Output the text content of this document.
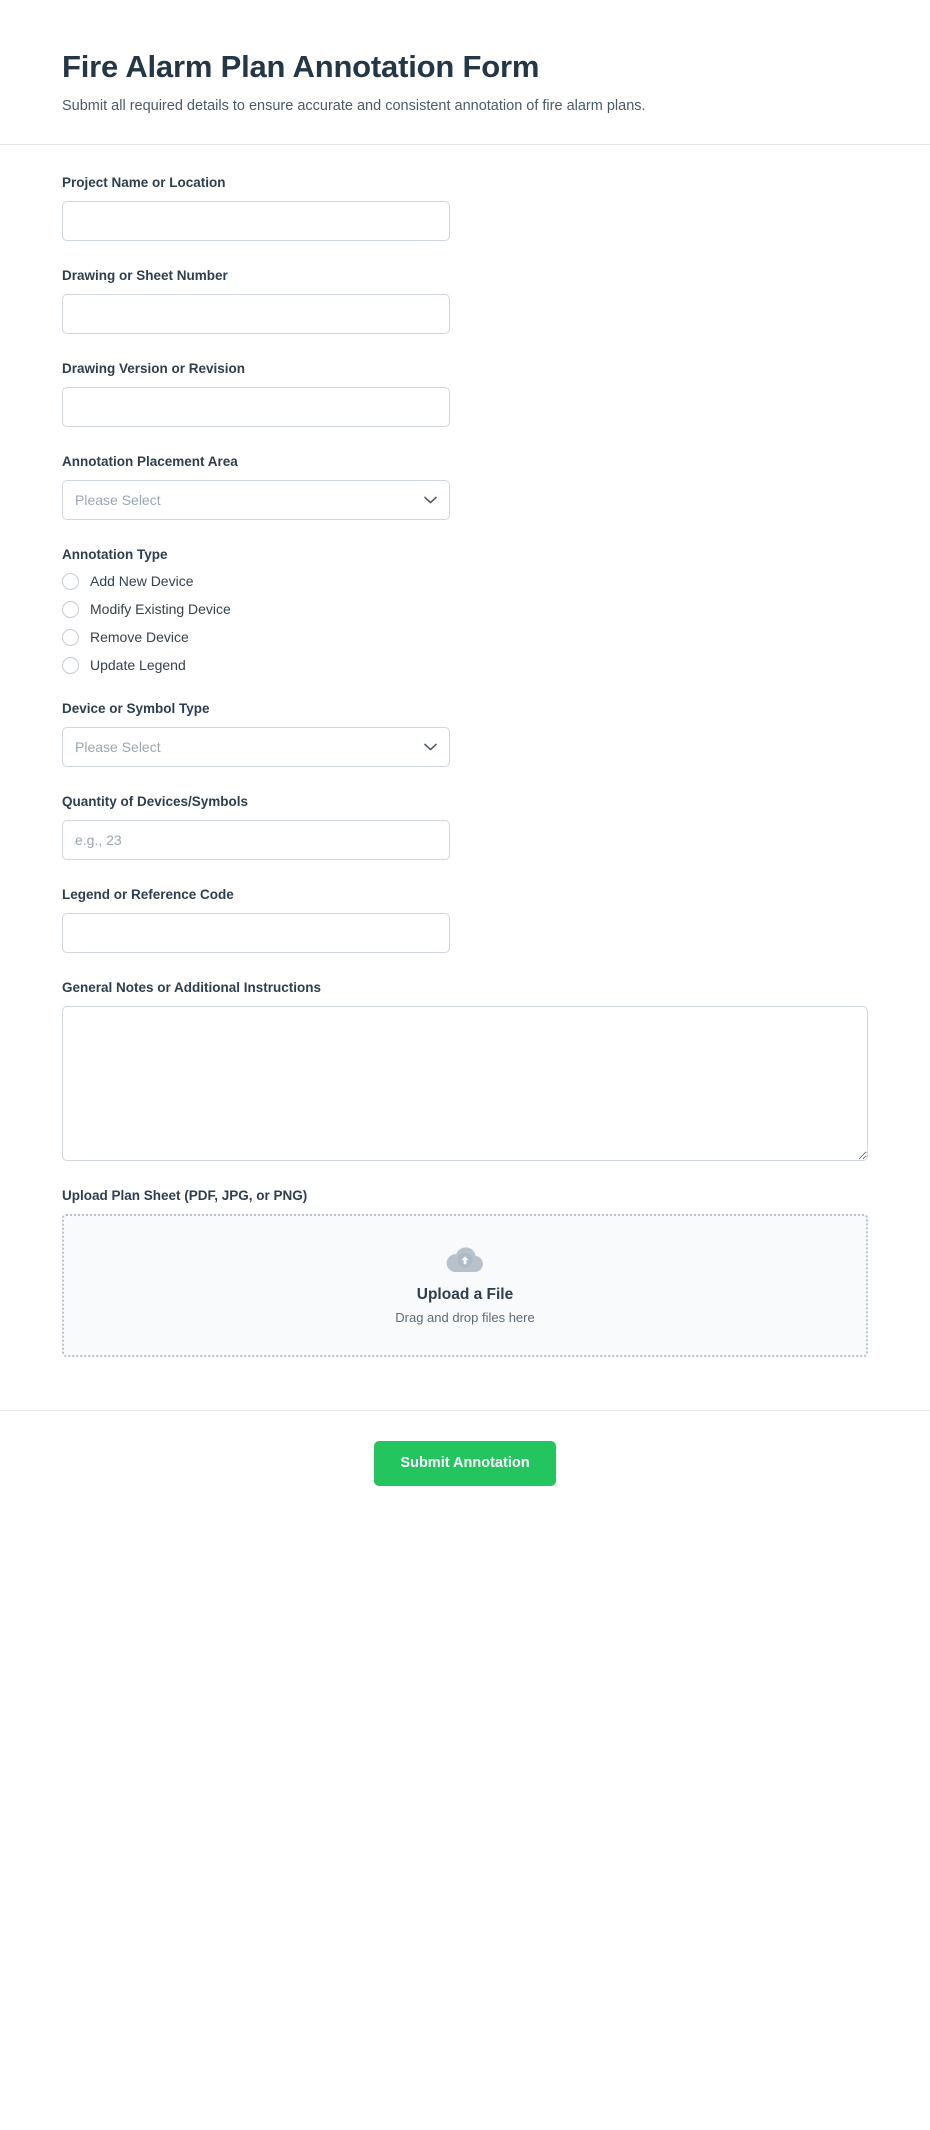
Fire Alarm Plan Annotation Form

Submit all required details to ensure accurate and consistent annotation of fire alarm plans.

Project Name or Location
Drawing or Sheet Number
Drawing Version or Revision
Annotation Placement Area
Please Select
Annotation Type
Add New Device
Modify Existing Device
Remove Device
Update Legend
Device or Symbol Type
Please Select
Quantity of Devices/Symbols
e.g., 23
Legend or Reference Code
General Notes or Additional Instructions
Upload Plan Sheet (PDF, JPG, or PNG)
Upload a File
Drag and drop files here
Submit Annotation
